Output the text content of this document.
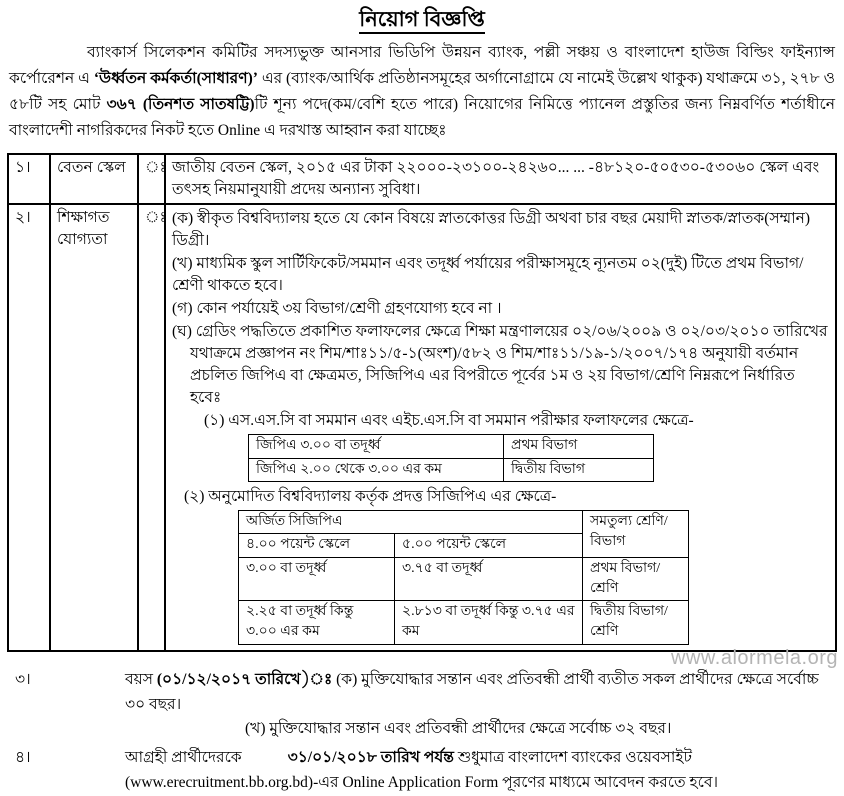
নিয়োগ বিজ্ঞপ্তি
ব্যাংকার্স সিলেকশন কমিটির সদস্যভুক্ত আনসার ভিডিপি উন্নয়ন ব্যাংক, পল্লী সঞ্চয় ও বাংলাদেশ হাউজ বিল্ডিং ফাইন্যান্স কর্পোরেশন এ ‘উর্ধ্বতন কর্মকর্তা(সাধারণ)’ এর (ব্যাংক/আর্থিক প্রতিষ্ঠানসমূহের অর্গানোগ্রামে যে নামেই উল্লেখ থাকুক) যথাক্রমে ৩১, ২৭৮ ও ৫৮টি সহ মোট ৩৬৭ (তিনশত সাতষট্টি)টি শূন্য পদে(কম/বেশি হতে পারে) নিয়োগের নিমিত্তে প্যানেল প্রস্তুতির জন্য নিম্নবর্ণিত শর্তাধীনে বাংলাদেশী নাগরিকদের নিকট হতে Online এ দরখাস্ত আহ্বান করা যাচ্ছেঃ
১।	বেতন স্কেল	ঃ	জাতীয় বেতন স্কেল, ২০১৫ এর টাকা ২২০০০-২৩১০০-২৪২৬০... ... -৪৮১২০-৫০৫৩০-৫৩০৬০ স্কেল এবং তৎসহ নিয়মানুযায়ী প্রদেয় অন্যান্য সুবিধা।
২।	শিক্ষাগত যোগ্যতা	ঃ	(ক) স্বীকৃত বিশ্ববিদ্যালয় হতে যে কোন বিষয়ে স্নাতকোত্তর ডিগ্রী অথবা চার বছর মেয়াদী স্নাতক/স্নাতক(সম্মান) ডিগ্রী।

(খ) মাধ্যমিক স্কুল সার্টিফিকেট/সমমান এবং তদূর্ধ্ব পর্যায়ের পরীক্ষাসমূহে ন্যূনতম ০২(দুই) টিতে প্রথম বিভাগ/শ্রেণী থাকতে হবে।

(গ) কোন পর্যায়েই ৩য় বিভাগ/শ্রেণী গ্রহণযোগ্য হবে না ।

(ঘ) গ্রেডিং পদ্ধতিতে প্রকাশিত ফলাফলের ক্ষেত্রে শিক্ষা মন্ত্রণালয়ের ০২/০৬/২০০৯ ও ০২/০৩/২০১০ তারিখের যথাক্রমে প্রজ্ঞাপন নং শিম/শাঃ১১/৫-১(অংশ)/৫৮২ ও শিম/শাঃ১১/১৯-১/২০০৭/১৭৪ অনুযায়ী বর্তমান প্রচলিত জিপিএ বা ক্ষেত্রমত, সিজিপিএ এর বিপরীতে পূর্বের ১ম ও ২য় বিভাগ/শ্রেণি নিম্নরূপে নির্ধারিত হবেঃ

(১) এস.এস.সি বা সমমান এবং এইচ.এস.সি বা সমমান পরীক্ষার ফলাফলের ক্ষেত্রে-

জিপিএ ৩.০০ বা তদূর্ধ্ব	প্রথম বিভাগ
জিপিএ ২.০০ থেকে ৩.০০ এর কম	দ্বিতীয় বিভাগ

(২) অনুমোদিত বিশ্ববিদ্যালয় কর্তৃক প্রদত্ত সিজিপিএ এর ক্ষেত্রে-

অর্জিত সিজিপিএ	সমতুল্য শ্রেণি/বিভাগ
৪.০০ পয়েন্ট স্কেলে	৫.০০ পয়েন্ট স্কেলে
৩.০০ বা তদূর্ধ্ব	৩.৭৫ বা তদূর্ধ্ব	প্রথম বিভাগ/শ্রেণি
২.২৫ বা তদূর্ধ্ব কিন্তু ৩.০০ এর কম	২.৮১৩ বা তদূর্ধ্ব কিন্তু ৩.৭৫ এর কম	দ্বিতীয় বিভাগ/শ্রেণি
৩।	বয়স (০১/১২/২০১৭ তারিখে)ঃ (ক) মুক্তিযোদ্ধার সন্তান এবং প্রতিবন্ধী প্রার্থী ব্যতীত সকল প্রার্থীদের ক্ষেত্রে সর্বোচ্চ ৩০ বছর।
(খ) মুক্তিযোদ্ধার সন্তান এবং প্রতিবন্ধী প্রার্থীদের ক্ষেত্রে সর্বোচ্চ ৩২ বছর।
৪।	আগ্রহী প্রার্থীদেরকে	৩১/০১/২০১৮ তারিখ পর্যন্ত শুধুমাত্র বাংলাদেশ ব্যাংকের ওয়েবসাইট (www.erecruitment.bb.org.bd)-এর Online Application Form পূরণের মাধ্যমে আবেদন করতে হবে।
www.alormela.org
